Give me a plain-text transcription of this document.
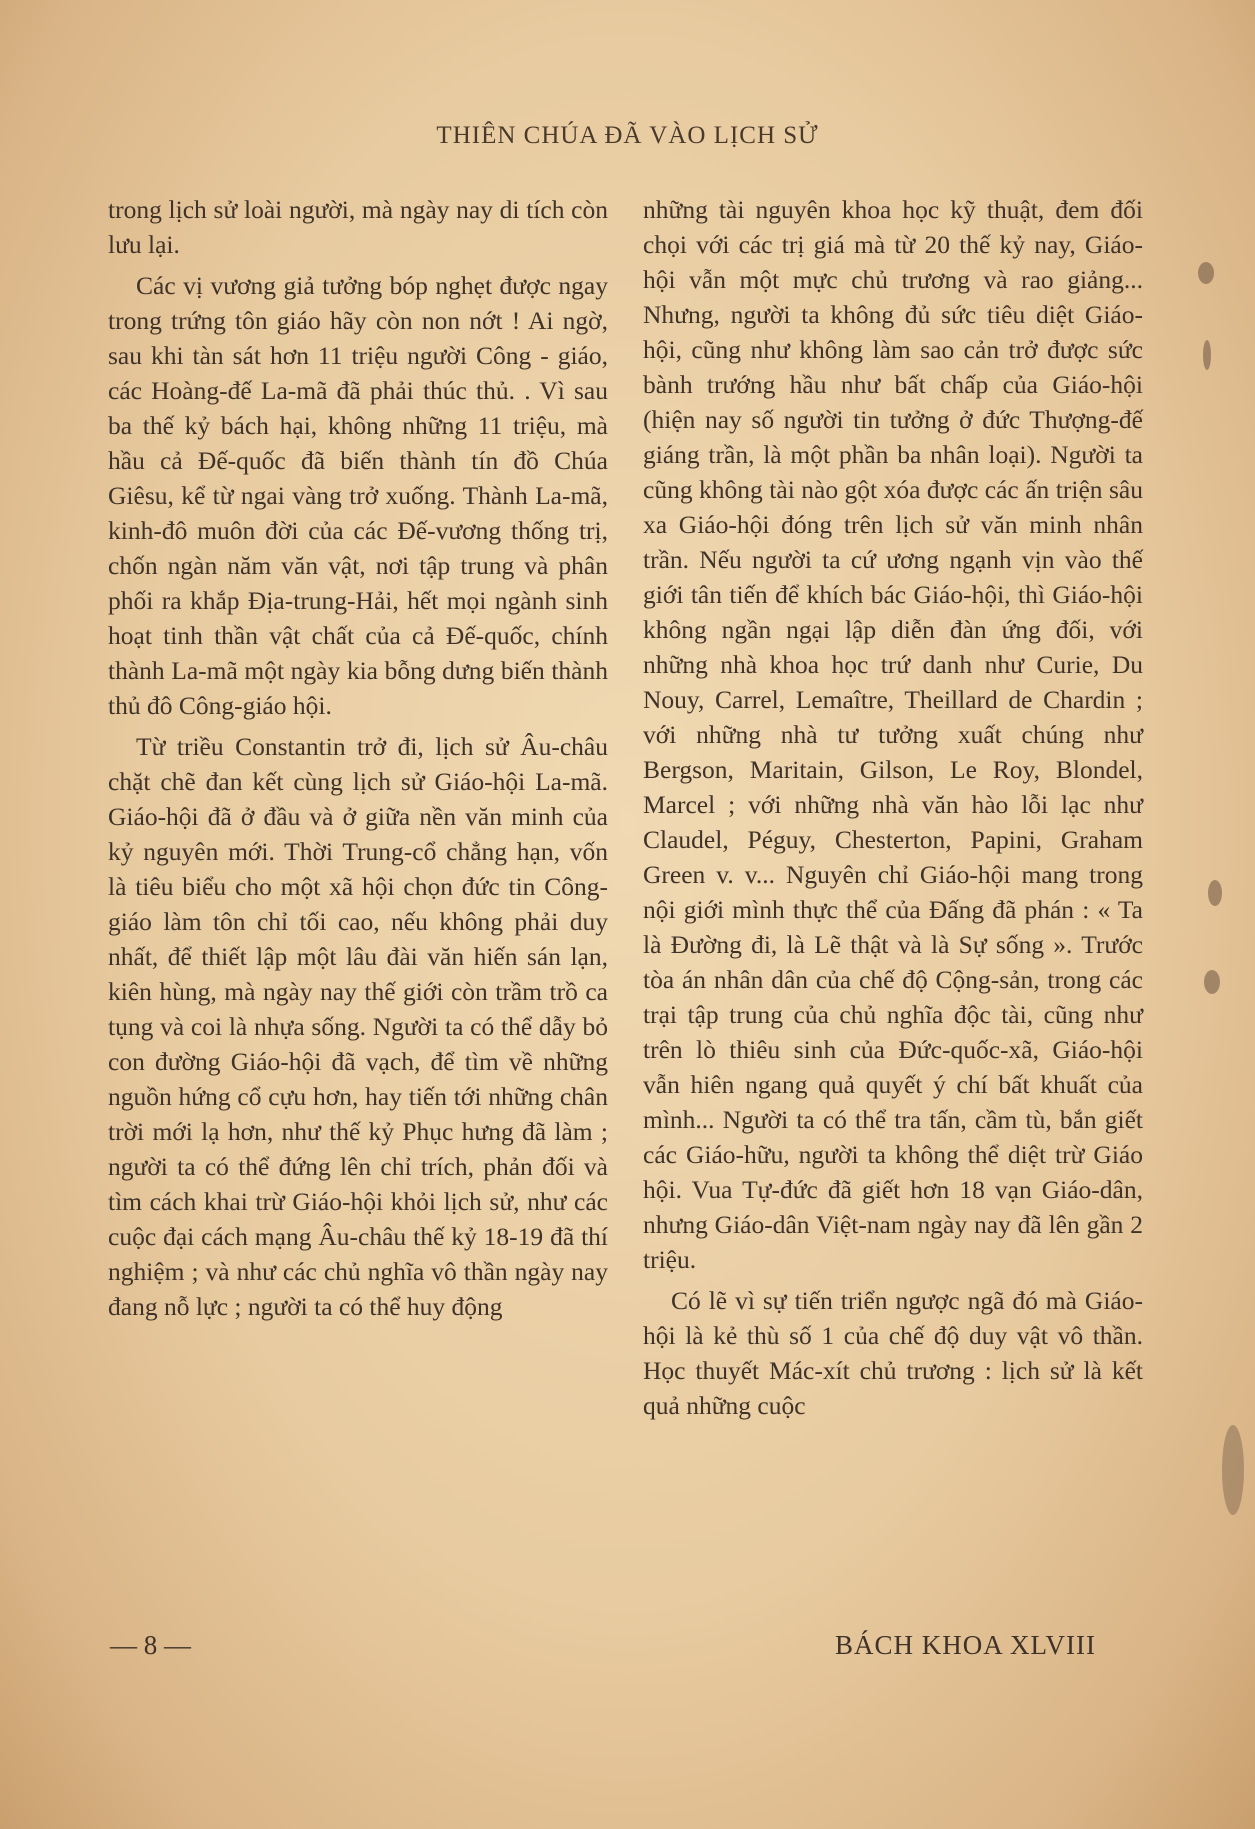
THIÊN CHÚA ĐÃ VÀO LỊCH SỬ

trong lịch sử loài người, mà ngày nay di tích còn lưu lại.

Các vị vương giả tưởng bóp nghẹt được ngay trong trứng tôn giáo hãy còn non nớt ! Ai ngờ, sau khi tàn sát hơn 11 triệu người Công - giáo, các Hoàng-đế La-mã đã phải thúc thủ. . Vì sau ba thế kỷ bách hại, không những 11 triệu, mà hầu cả Đế-quốc đã biến thành tín đồ Chúa Giêsu, kể từ ngai vàng trở xuống. Thành La-mã, kinh-đô muôn đời của các Đế-vương thống trị, chốn ngàn năm văn vật, nơi tập trung và phân phối ra khắp Địa-trung-Hải, hết mọi ngành sinh hoạt tinh thần vật chất của cả Đế-quốc, chính thành La-mã một ngày kia bỗng dưng biến thành thủ đô Công-giáo hội.

Từ triều Constantin trở đi, lịch sử Âu-châu chặt chẽ đan kết cùng lịch sử Giáo-hội La-mã. Giáo-hội đã ở đầu và ở giữa nền văn minh của kỷ nguyên mới. Thời Trung-cổ chẳng hạn, vốn là tiêu biểu cho một xã hội chọn đức tin Công-giáo làm tôn chỉ tối cao, nếu không phải duy nhất, để thiết lập một lâu đài văn hiến sán lạn, kiên hùng, mà ngày nay thế giới còn trầm trồ ca tụng và coi là nhựa sống. Người ta có thể dẫy bỏ con đường Giáo-hội đã vạch, để tìm về những nguồn hứng cổ cựu hơn, hay tiến tới những chân trời mới lạ hơn, như thế kỷ Phục hưng đã làm ; người ta có thể đứng lên chỉ trích, phản đối và tìm cách khai trừ Giáo-hội khỏi lịch sử, như các cuộc đại cách mạng Âu-châu thế kỷ 18-19 đã thí nghiệm ; và như các chủ nghĩa vô thần ngày nay đang nỗ lực ; người ta có thể huy động

những tài nguyên khoa học kỹ thuật, đem đối chọi với các trị giá mà từ 20 thế kỷ nay, Giáo-hội vẫn một mực chủ trương và rao giảng... Nhưng, người ta không đủ sức tiêu diệt Giáo-hội, cũng như không làm sao cản trở được sức bành trướng hầu như bất chấp của Giáo-hội (hiện nay số người tin tưởng ở đức Thượng-đế giáng trần, là một phần ba nhân loại). Người ta cũng không tài nào gột xóa được các ấn triện sâu xa Giáo-hội đóng trên lịch sử văn minh nhân trần. Nếu người ta cứ ương ngạnh vịn vào thế giới tân tiến để khích bác Giáo-hội, thì Giáo-hội không ngần ngại lập diễn đàn ứng đối, với những nhà khoa học trứ danh như Curie, Du Nouy, Carrel, Lemaître, Theillard de Chardin ; với những nhà tư tưởng xuất chúng như Bergson, Maritain, Gilson, Le Roy, Blondel, Marcel ; với những nhà văn hào lỗi lạc như Claudel, Péguy, Chesterton, Papini, Graham Green v. v... Nguyên chỉ Giáo-hội mang trong nội giới mình thực thể của Đấng đã phán : « Ta là Đường đi, là Lẽ thật và là Sự sống ». Trước tòa án nhân dân của chế độ Cộng-sản, trong các trại tập trung của chủ nghĩa độc tài, cũng như trên lò thiêu sinh của Đức-quốc-xã, Giáo-hội vẫn hiên ngang quả quyết ý chí bất khuất của mình... Người ta có thể tra tấn, cầm tù, bắn giết các Giáo-hữu, người ta không thể diệt trừ Giáo hội. Vua Tự-đức đã giết hơn 18 vạn Giáo-dân, nhưng Giáo-dân Việt-nam ngày nay đã lên gần 2 triệu.

Có lẽ vì sự tiến triển ngược ngã đó mà Giáo-hội là kẻ thù số 1 của chế độ duy vật vô thần. Học thuyết Mác-xít chủ trương : lịch sử là kết quả những cuộc

— 8 —	BÁCH KHOA XLVIII
